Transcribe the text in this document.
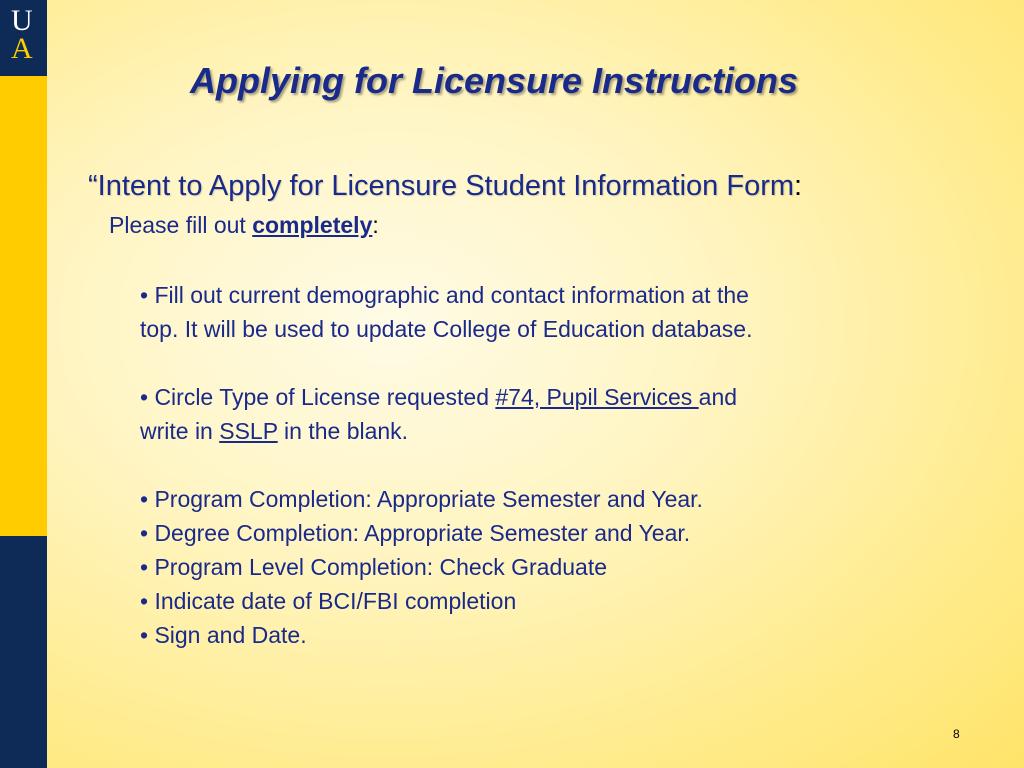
U
A
Applying for Licensure Instructions
“Intent to Apply for Licensure Student Information Form:
Please fill out completely:
• Fill out current demographic and contact information at the
top. It will be used to update College of Education database.
• Circle Type of License requested #74, Pupil Services and
write in SSLP in the blank.
• Program Completion: Appropriate Semester and Year.
• Degree Completion: Appropriate Semester and Year.
• Program Level Completion: Check Graduate
• Indicate date of BCI/FBI completion
• Sign and Date.
8
